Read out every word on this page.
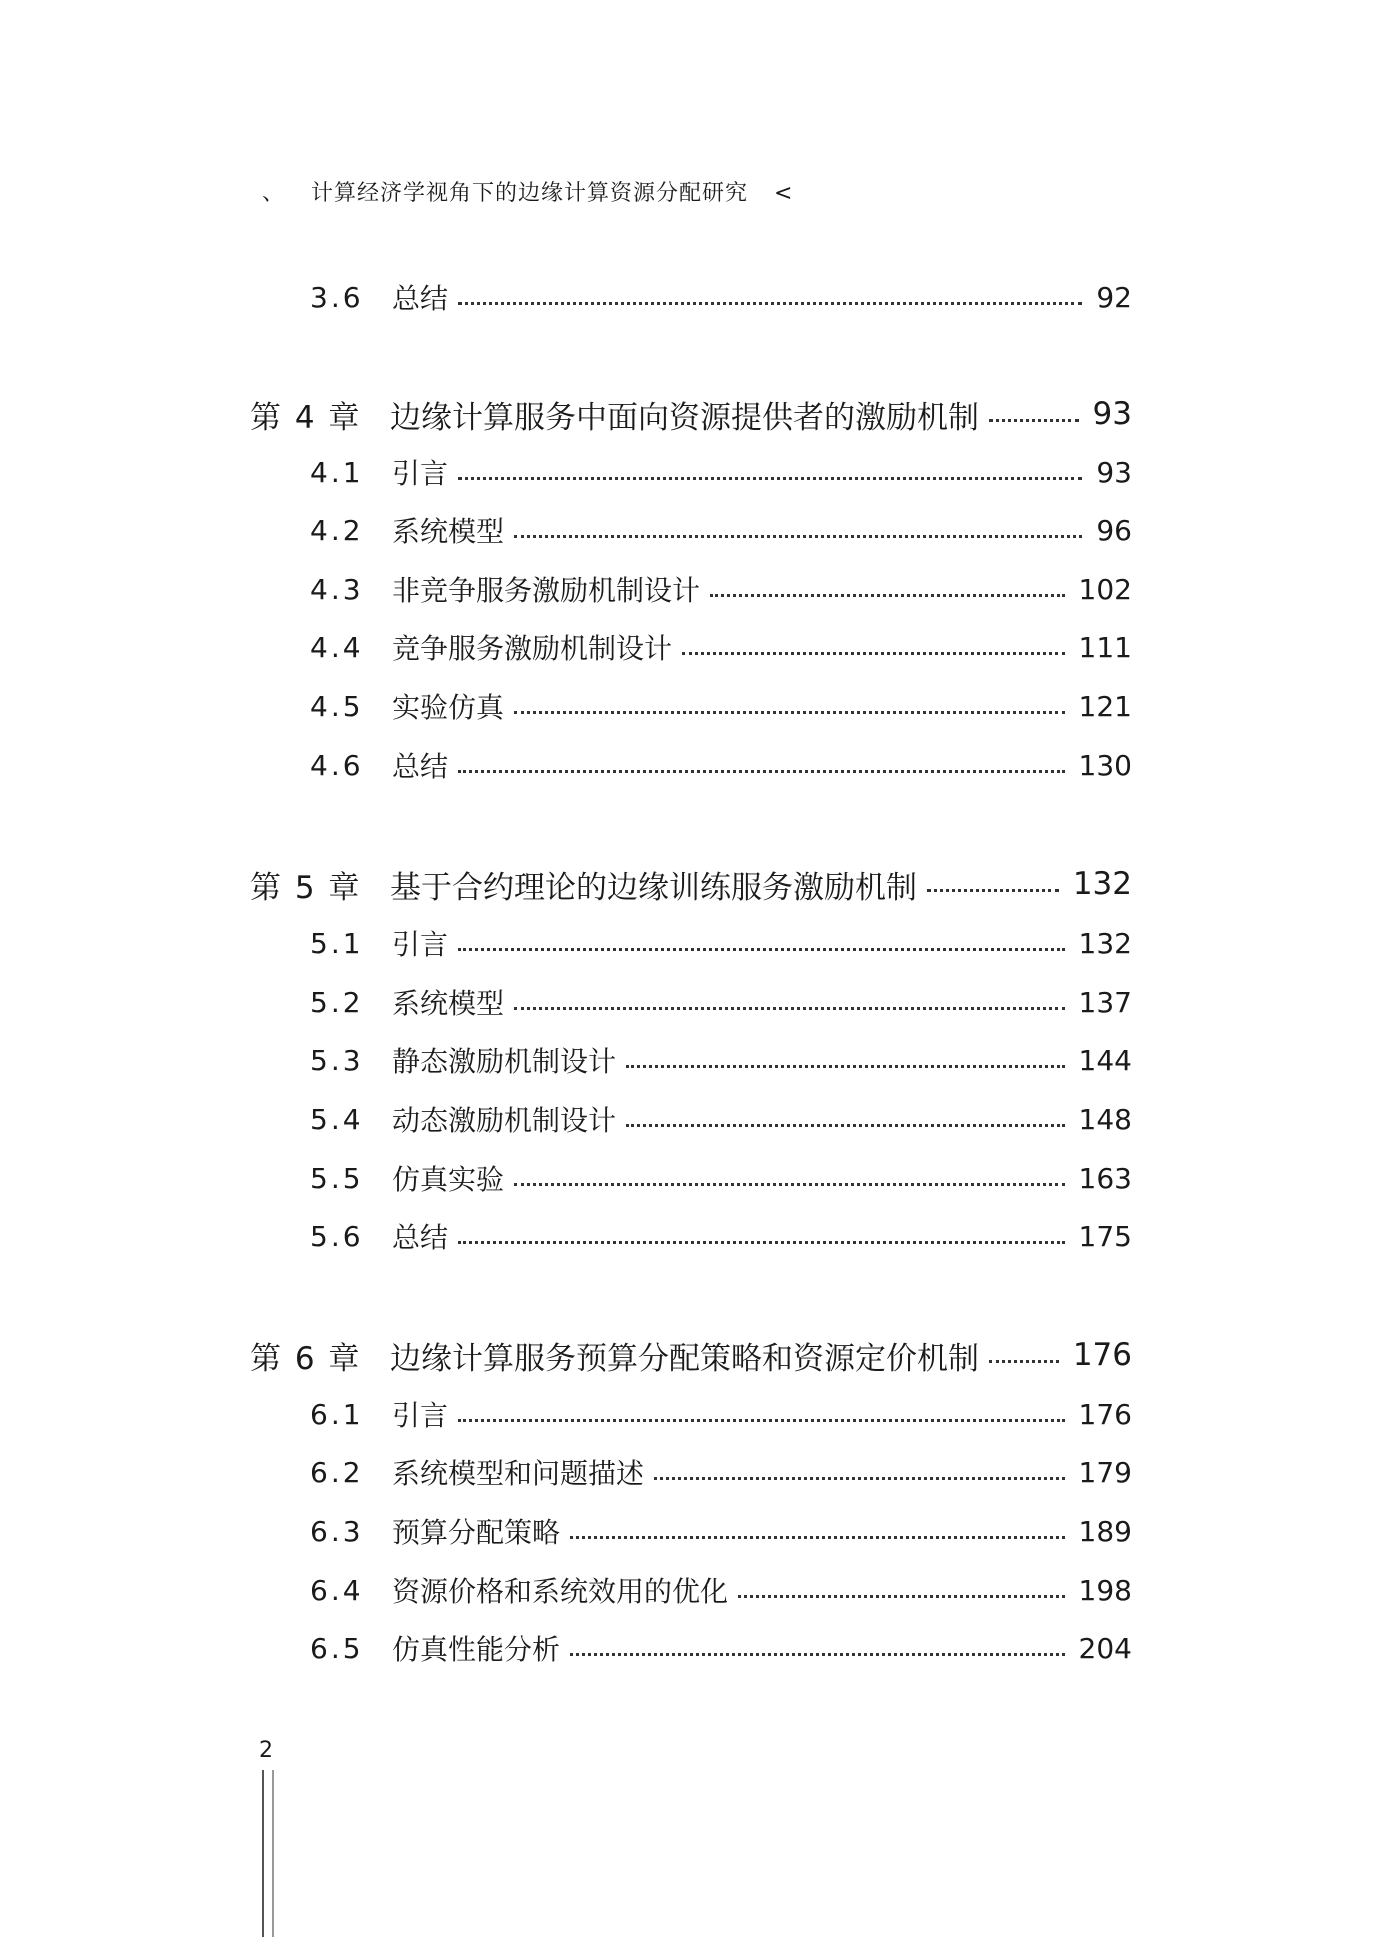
、 计算经济学视角下的边缘计算资源分配研究 <
3.6	总结	92
第 4 章 边缘计算服务中面向资源提供者的激励机制	93
4.1	引言	93
4.2	系统模型	96
4.3	非竞争服务激励机制设计	102
4.4	竞争服务激励机制设计	111
4.5	实验仿真	121
4.6	总结	130
第 5 章 基于合约理论的边缘训练服务激励机制	132
5.1	引言	132
5.2	系统模型	137
5.3	静态激励机制设计	144
5.4	动态激励机制设计	148
5.5	仿真实验	163
5.6	总结	175
第 6 章 边缘计算服务预算分配策略和资源定价机制	176
6.1	引言	176
6.2	系统模型和问题描述	179
6.3	预算分配策略	189
6.4	资源价格和系统效用的优化	198
6.5	仿真性能分析	204
2
